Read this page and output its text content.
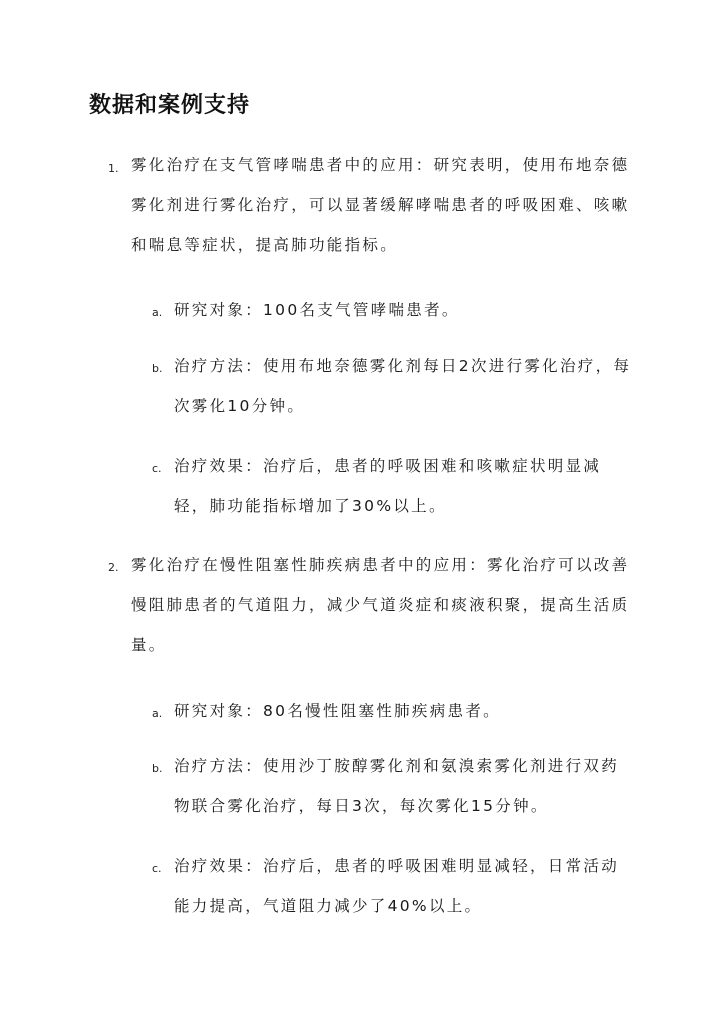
数据和案例支持
1. 雾化治疗在支气管哮喘患者中的应用：研究表明，使用布地奈德雾化剂进行雾化治疗，可以显著缓解哮喘患者的呼吸困难、咳嗽和喘息等症状，提高肺功能指标。
a. 研究对象：100名支气管哮喘患者。
b. 治疗方法：使用布地奈德雾化剂每日2次进行雾化治疗，每次雾化10分钟。
c. 治疗效果：治疗后，患者的呼吸困难和咳嗽症状明显减轻，肺功能指标增加了30%以上。
2. 雾化治疗在慢性阻塞性肺疾病患者中的应用：雾化治疗可以改善慢阻肺患者的气道阻力，减少气道炎症和痰液积聚，提高生活质量。
a. 研究对象：80名慢性阻塞性肺疾病患者。
b. 治疗方法：使用沙丁胺醇雾化剂和氨溴索雾化剂进行双药物联合雾化治疗，每日3次，每次雾化15分钟。
c. 治疗效果：治疗后，患者的呼吸困难明显减轻，日常活动能力提高，气道阻力减少了40%以上。
